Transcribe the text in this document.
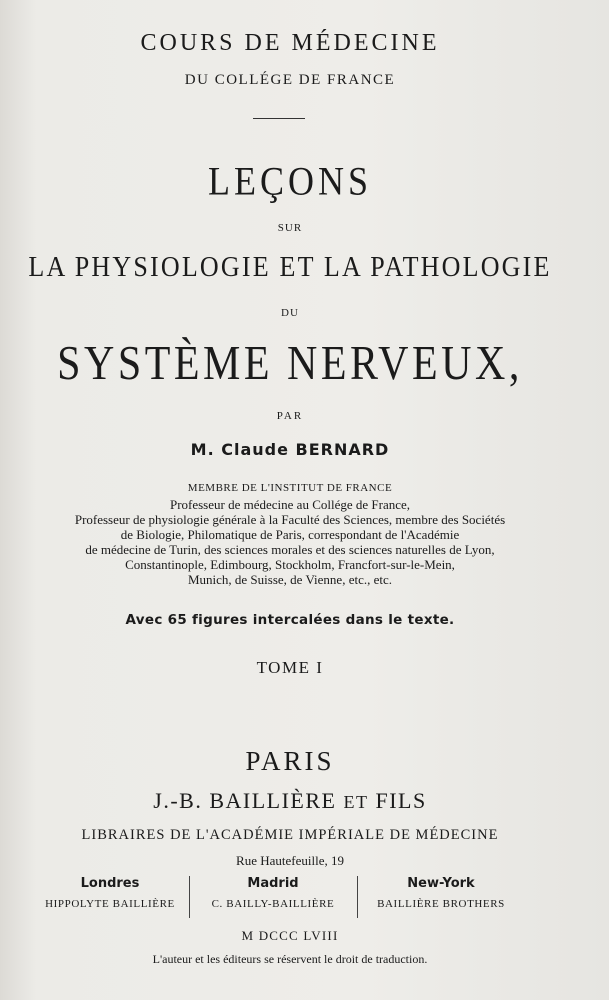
COURS DE MÉDECINE
DU COLLÉGE DE FRANCE
LEÇONS
SUR
LA PHYSIOLOGIE ET LA PATHOLOGIE
DU
SYSTÈME NERVEUX,
PAR
M. Claude BERNARD
MEMBRE DE L'INSTITUT DE FRANCE
Professeur de médecine au Collége de France,
Professeur de physiologie générale à la Faculté des Sciences, membre des Sociétés
de Biologie, Philomatique de Paris, correspondant de l'Académie
de médecine de Turin, des sciences morales et des sciences naturelles de Lyon,
Constantinople, Edimbourg, Stockholm, Francfort-sur-le-Mein,
Munich, de Suisse, de Vienne, etc., etc.
Avec 65 figures intercalées dans le texte.
TOME I
PARIS
J.-B. BAILLIÈRE ET FILS
LIBRAIRES DE L'ACADÉMIE IMPÉRIALE DE MÉDECINE
Rue Hautefeuille, 19
Londres
HIPPOLYTE BAILLIÈRE
Madrid
C. BAILLY-BAILLIÈRE
New-York
BAILLIÈRE BROTHERS
M DCCC LVIII
L'auteur et les éditeurs se réservent le droit de traduction.
